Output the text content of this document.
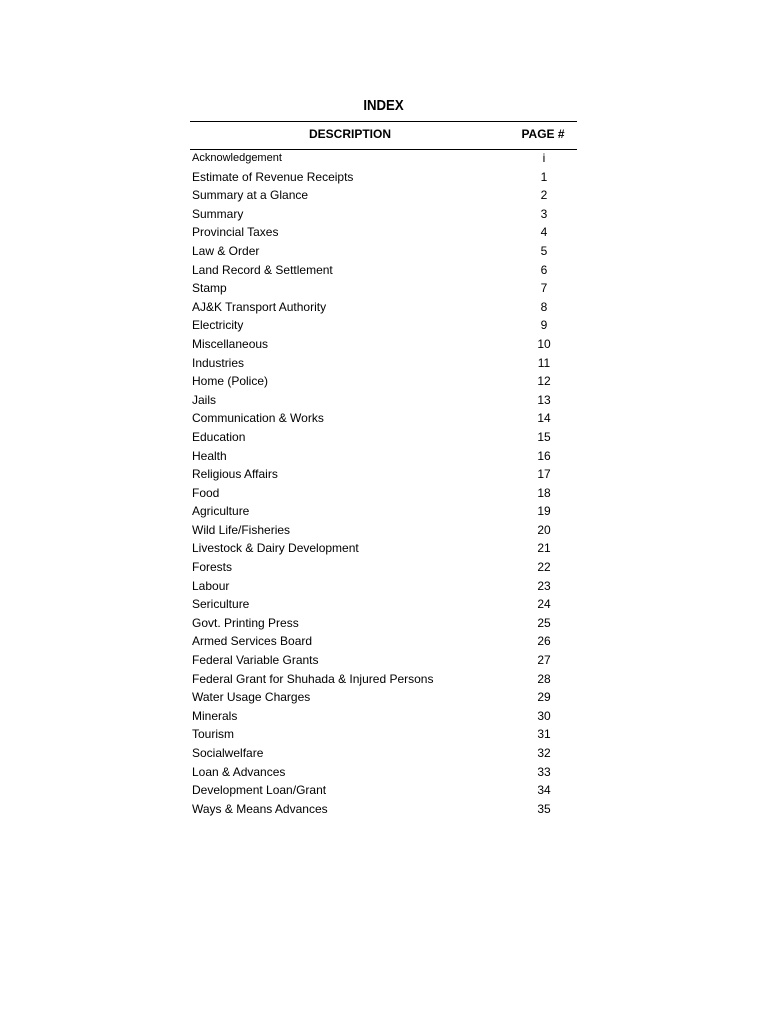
INDEX
DESCRIPTION	PAGE #
Acknowledgement	i
Estimate of Revenue Receipts	1
Summary at a Glance	2
Summary	3
Provincial Taxes	4
Law & Order	5
Land Record & Settlement	6
Stamp	7
AJ&K Transport Authority	8
Electricity	9
Miscellaneous	10
Industries	11
Home (Police)	12
Jails	13
Communication & Works	14
Education	15
Health	16
Religious Affairs	17
Food	18
Agriculture	19
Wild Life/Fisheries	20
Livestock & Dairy Development	21
Forests	22
Labour	23
Sericulture	24
Govt. Printing Press	25
Armed Services Board	26
Federal Variable Grants	27
Federal Grant for Shuhada & Injured Persons	28
Water Usage Charges	29
Minerals	30
Tourism	31
Socialwelfare	32
Loan & Advances	33
Development Loan/Grant	34
Ways & Means Advances	35
